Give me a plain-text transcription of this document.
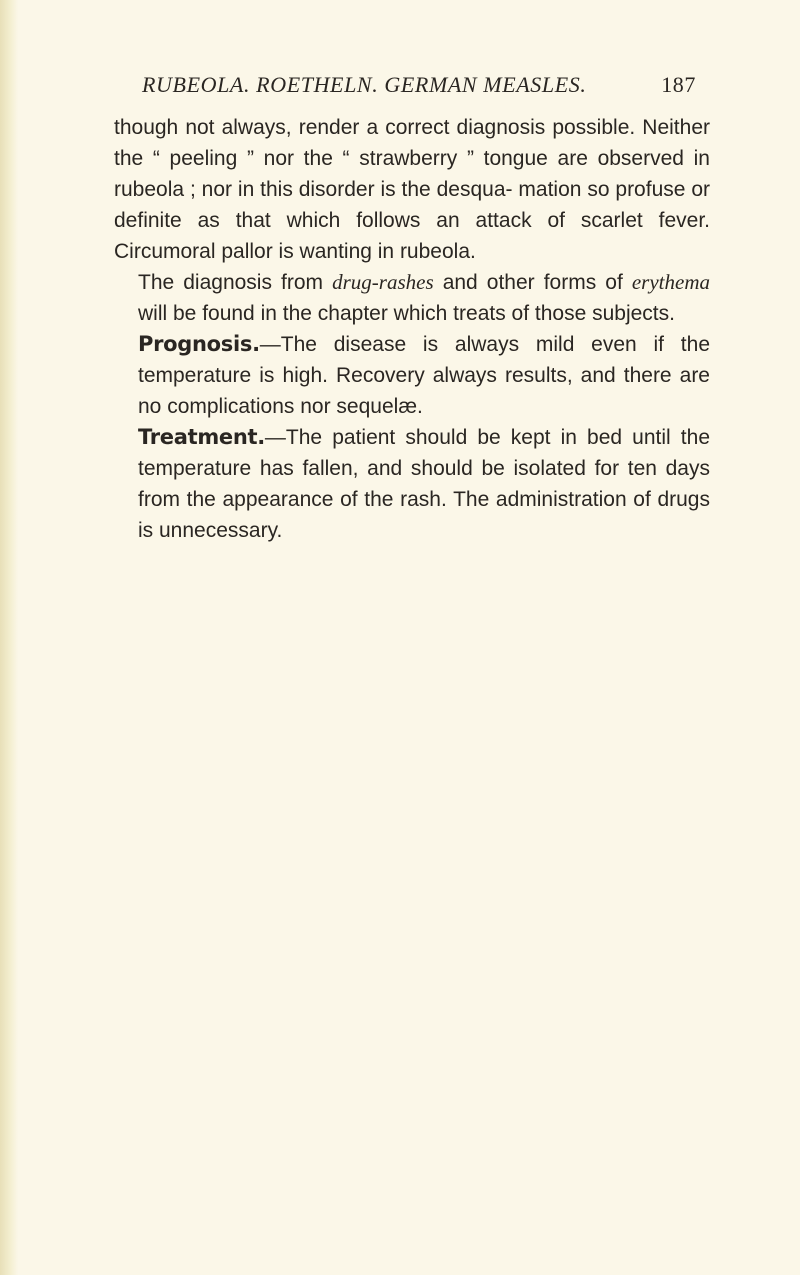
RUBEOLA. ROETHELN. GERMAN MEASLES.	187

though not always, render a correct diagnosis possible. Neither the “ peeling ” nor the “ strawberry ” tongue are observed in rubeola ; nor in this disorder is the desqua- mation so profuse or definite as that which follows an attack of scarlet fever. Circumoral pallor is wanting in rubeola.

The diagnosis from drug-rashes and other forms of erythema will be found in the chapter which treats of those subjects.

Prognosis.—The disease is always mild even if the temperature is high. Recovery always results, and there are no complications nor sequelæ.

Treatment.—The patient should be kept in bed until the temperature has fallen, and should be isolated for ten days from the appearance of the rash. The administration of drugs is unnecessary.
